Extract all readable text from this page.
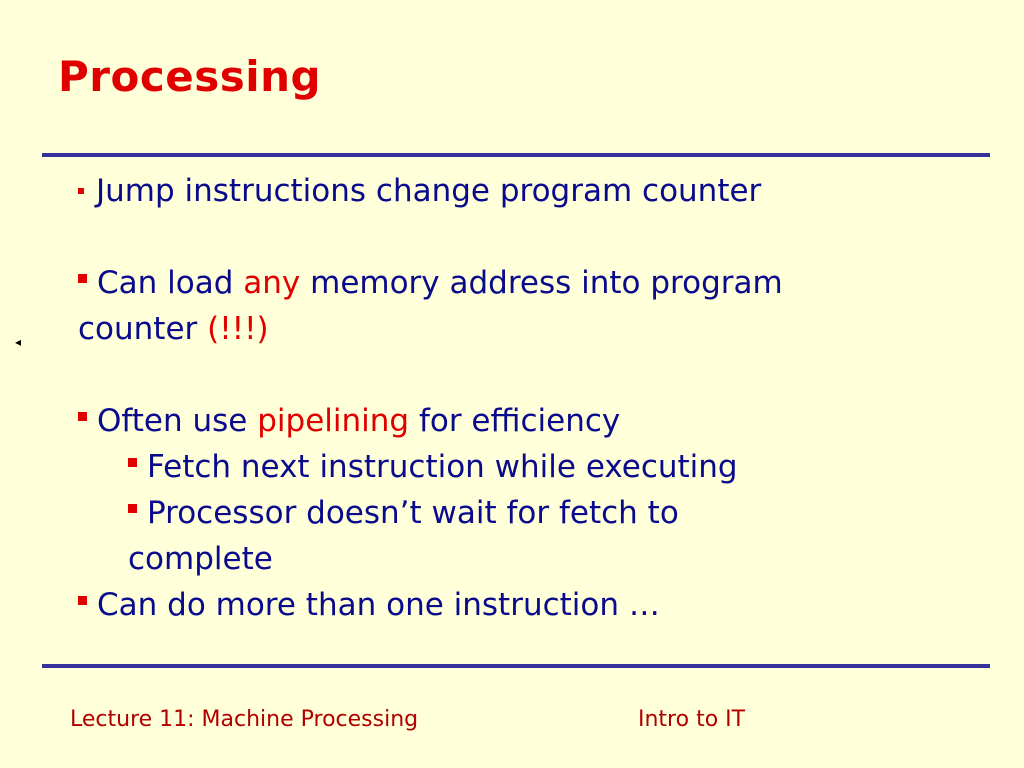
Processing
Jump instructions change program counter
Can load any memory address into program
counter (!!!)
Often use pipelining for efficiency
Fetch next instruction while executing
Processor doesn’t wait for fetch to
complete
Can do more than one instruction …
◂
Lecture 11: Machine Processing	Intro to IT
